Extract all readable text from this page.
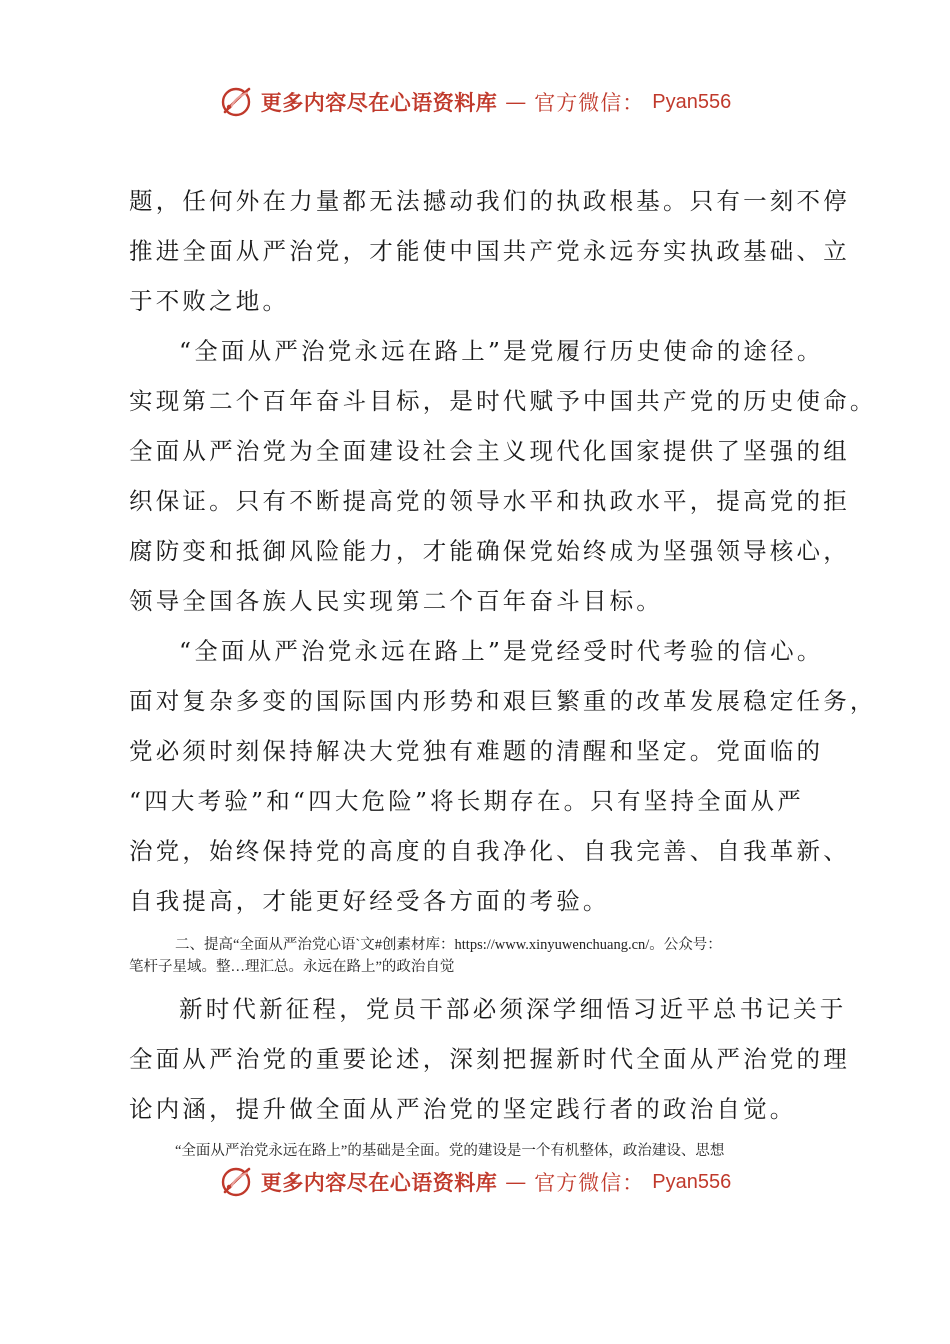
更多内容尽在心语资料库 — 官方微信： Pyan556
题，任何外在力量都无法撼动我们的执政根基。只有一刻不停
推进全面从严治党，才能使中国共产党永远夯实执政基础、立
于不败之地。
“全面从严治党永远在路上”是党履行历史使命的途径。
实现第二个百年奋斗目标，是时代赋予中国共产党的历史使命。
全面从严治党为全面建设社会主义现代化国家提供了坚强的组
织保证。只有不断提高党的领导水平和执政水平，提高党的拒
腐防变和抵御风险能力，才能确保党始终成为坚强领导核心，
领导全国各族人民实现第二个百年奋斗目标。
“全面从严治党永远在路上”是党经受时代考验的信心。
面对复杂多变的国际国内形势和艰巨繁重的改革发展稳定任务，
党必须时刻保持解决大党独有难题的清醒和坚定。党面临的
“四大考验”和“四大危险”将长期存在。只有坚持全面从严
治党，始终保持党的高度的自我净化、自我完善、自我革新、
自我提高，才能更好经受各方面的考验。
二、提高“全面从严治党心语`文#创素材库：https://www.xinyuwenchuang.cn/。公众号：
笔杆子星域。整…理汇总。永远在路上”的政治自觉
新时代新征程，党员干部必须深学细悟习近平总书记关于
全面从严治党的重要论述，深刻把握新时代全面从严治党的理
论内涵，提升做全面从严治党的坚定践行者的政治自觉。
“全面从严治党永远在路上”的基础是全面。党的建设是一个有机整体，政治建设、思想
更多内容尽在心语资料库 — 官方微信： Pyan556
